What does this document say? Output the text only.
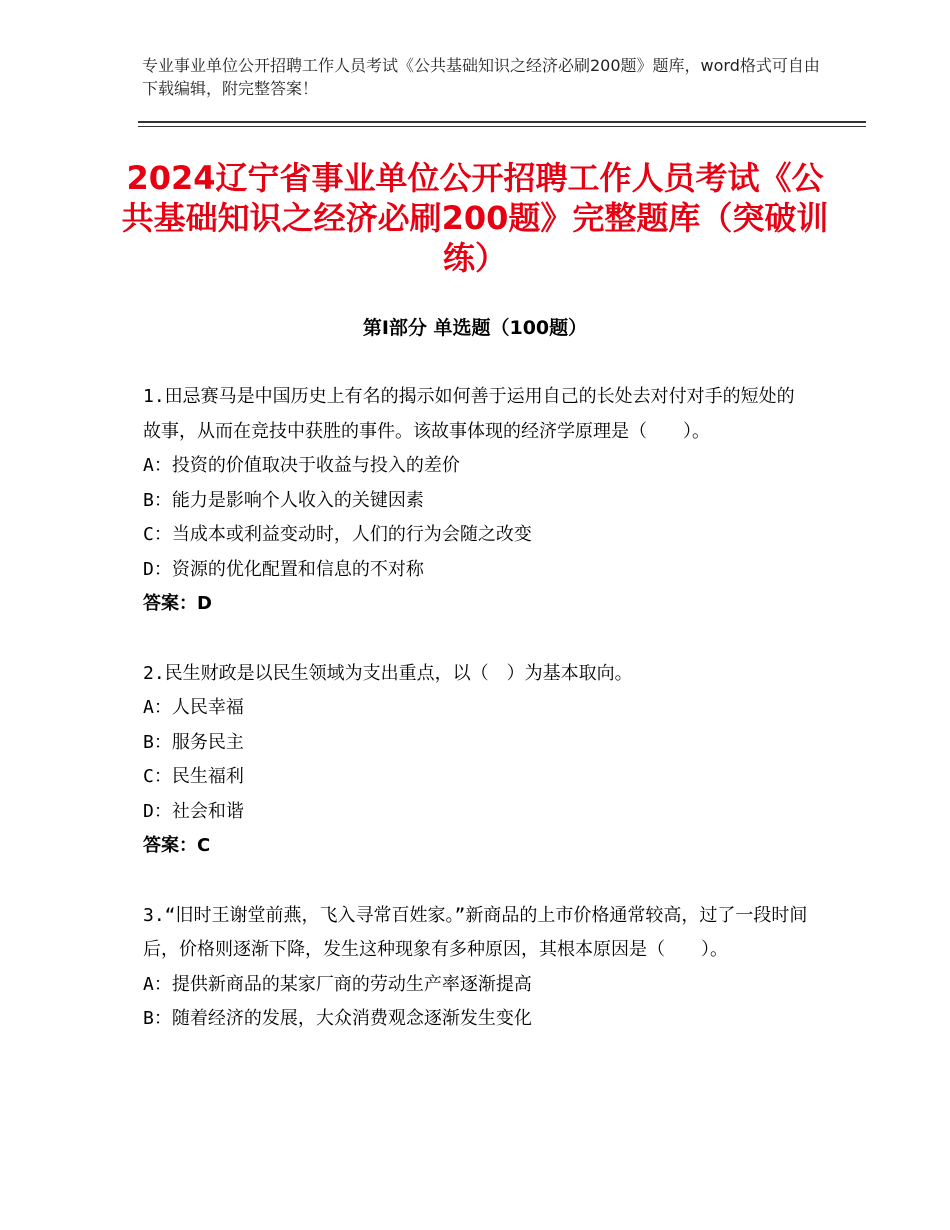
专业事业单位公开招聘工作人员考试《公共基础知识之经济必刷200题》题库，word格式可自由下载编辑，附完整答案！
2024辽宁省事业单位公开招聘工作人员考试《公共基础知识之经济必刷200题》完整题库（突破训练）
第Ⅰ部分 单选题（100题）
1.田忌赛马是中国历史上有名的揭示如何善于运用自己的长处去对付对手的短处的故事，从而在竞技中获胜的事件。该故事体现的经济学原理是（　　）。
A：投资的价值取决于收益与投入的差价
B：能力是影响个人收入的关键因素
C：当成本或利益变动时，人们的行为会随之改变
D：资源的优化配置和信息的不对称
答案：D
2.民生财政是以民生领域为支出重点，以（　）为基本取向。
A：人民幸福
B：服务民主
C：民生福利
D：社会和谐
答案：C
3.“旧时王谢堂前燕，飞入寻常百姓家。”新商品的上市价格通常较高，过了一段时间后，价格则逐渐下降，发生这种现象有多种原因，其根本原因是（　　）。
A：提供新商品的某家厂商的劳动生产率逐渐提高
B：随着经济的发展，大众消费观念逐渐发生变化
